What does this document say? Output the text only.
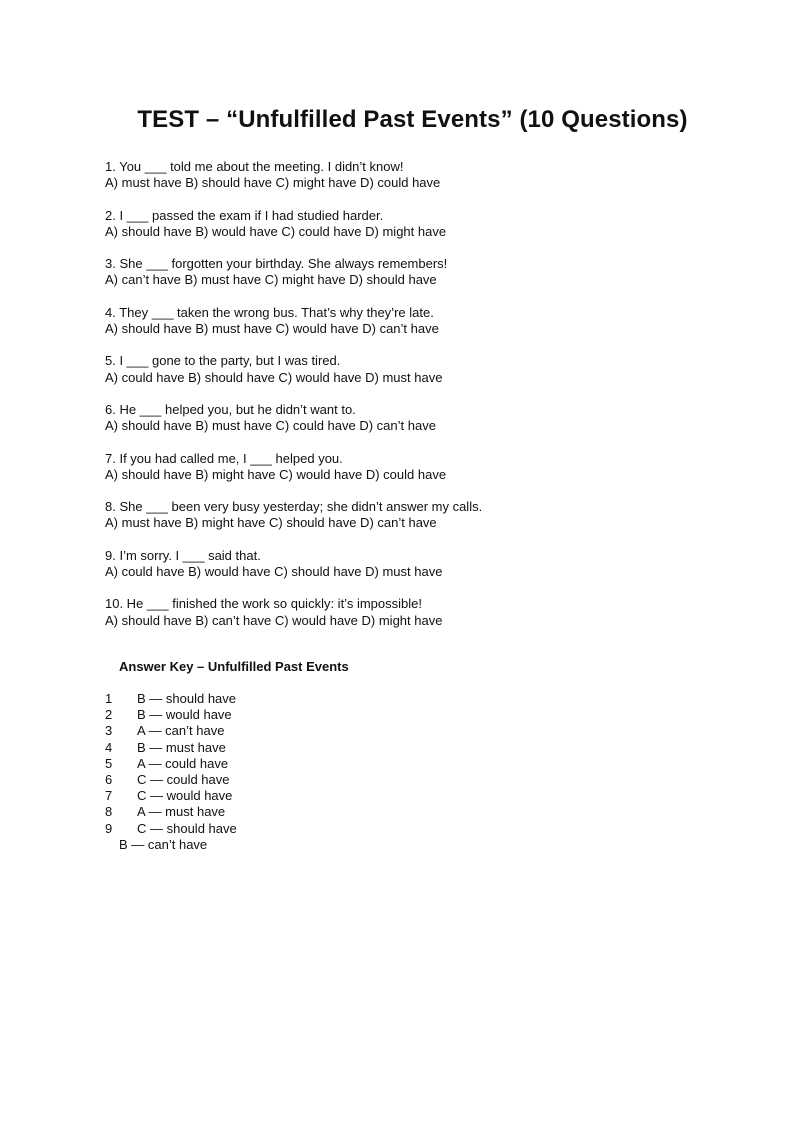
TEST – “Unfulfilled Past Events” (10 Questions)
1. You ___ told me about the meeting. I didn’t know!
A) must have B) should have C) might have D) could have
2. I ___ passed the exam if I had studied harder.
A) should have B) would have C) could have D) might have
3. She ___ forgotten your birthday. She always remembers!
A) can’t have B) must have C) might have D) should have
4. They ___ taken the wrong bus. That’s why they’re late.
A) should have B) must have C) would have D) can’t have
5. I ___ gone to the party, but I was tired.
A) could have B) should have C) would have D) must have
6. He ___ helped you, but he didn’t want to.
A) should have B) must have C) could have D) can’t have
7. If you had called me, I ___ helped you.
A) should have B) might have C) would have D) could have
8. She ___ been very busy yesterday; she didn’t answer my calls.
A) must have B) might have C) should have D) can’t have
9. I’m sorry. I ___ said that.
A) could have B) would have C) should have D) must have
10. He ___ finished the work so quickly: it’s impossible!
A) should have B) can’t have C) would have D) might have
Answer Key – Unfulfilled Past Events
1 B — should have
2 B — would have
3 A — can’t have
4 B — must have
5 A — could have
6 C — could have
7 C — would have
8 A — must have
9 C — should have
B — can’t have
